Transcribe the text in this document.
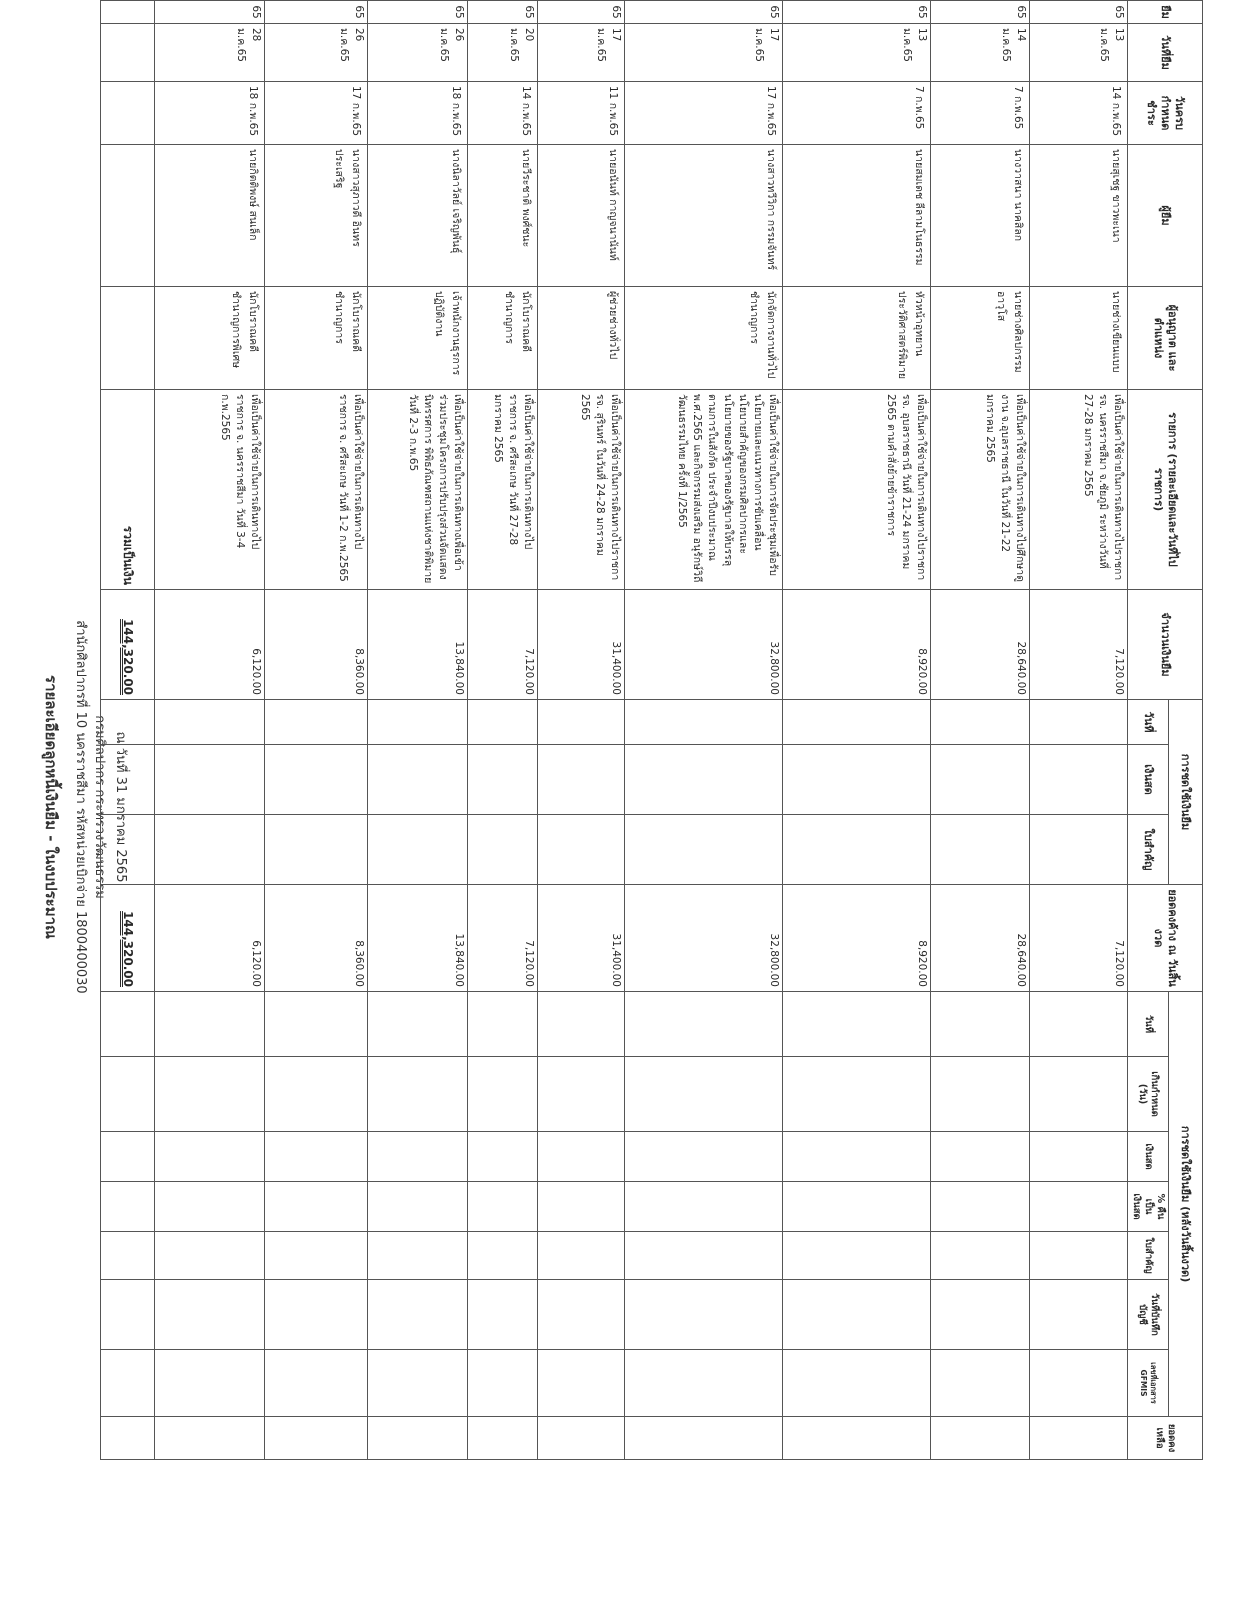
รายละเอียดลูกหนี้เงินยืม - ในงบประมาณ สำนักศิลปากรที่ 10 นครราชสีมา รหัสหน่วยเบิกจ่าย 1800400030 กรมศิลปากร กระทรวงวัฒนธรรม ณ วันที่ 31 มกราคม 2565
ยืม	วันที่ยืม	วันครบ กำหนดชำระ	ผู้ยืม	ผู้อนุญาต และตำแหน่ง	รายการ (รายละเอียดและวันที่ไปราชการ)	จำนวนเงินยืม	การชดใช้เงินยืม			ยอดคงค้าง ณ วันสิ้นงวด	การชดใช้เงินยืม (หลังวันสิ้นงวด)							ยอดคงเหลือ
							วันที่	เงินสด	ใบสำคัญ		วันที่	เกินกำหนด (วัน)	เงินสด	% คืนเป็นเงินสด	ใบสำคัญ	วันที่บันทึกบัญชี	เลขที่เอกสาร GFMIS	
65	13 ม.ค.65	14 ก.พ.65	นายสุเชฐ ขาวพะเนา	นายช่างเขียนแบบ	เพื่อเป็นค่าใช้จ่ายในการเดินทางไปราชการจ. นครราชสีมา จ.ชัยภูมิ ระหว่างวันที่ 27-28 มกราคม 2565	7,120.00				7,120.00								
65	14 ม.ค.65	7 ก.พ.65	นางวาสนา นาคสิลก	นายช่างศิลปกรรมอาวุโส	เพื่อเป็นค่าใช้จ่ายในการเดินทางไปศึกษาดูงาน จ.อุบลราชธานี ในวันที่ 21-22 มกราคม 2565	28,640.00				28,640.00								
65	13 ม.ค.65	7 ก.พ.65	นายสมเดช ลีลามโนธรรม	หัวหน้าอุทยานประวัติศาสตร์พิมาย	เพื่อเป็นค่าใช้จ่ายในการเดินทางไปราชการจ. อุบลราชธานี วันที่ 21-24 มกราคม 2565 ตามคำสั่งย้ายข้าราชการ	8,920.00				8,920.00								
65	17 ม.ค.65	17 ก.พ.65	นางสาวทวีวิกา กรรมจันทร์	นักจัดการงานทั่วไปชำนาญการ	เพื่อเป็นค่าใช้จ่ายในการจัดประชุมเพื่อรับนโยบายและแนวทางการขับเคลื่อนนโยบายสำคัญของกรมศิลปากรและนโยบายของรัฐบาลของรัฐบาลให้บรรลุตามการในสังกัด ประจำปีงบประมาณ พ.ศ.2565 และกิจกรรมส่งเสริม อนุรักษ์วิถีวัฒนธรรมไทย ครั้งที่ 1/2565	32,800.00				32,800.00								
65	17 ม.ค.65	11 ก.พ.65	นายอนันท์ กาญจนานันท์	ผู้ช่วยช่างทั่วไป	เพื่อเป็นค่าใช้จ่ายในการเดินทางไปราชการจ. สุรินทร์ ในวันที่ 24-28 มกราคม 2565	31,400.00				31,400.00								
65	20 ม.ค.65	14 ก.พ.65	นายวีระชาติ พงศ์ชนะ	นักโบราณคดีชำนาญการ	เพื่อเป็นค่าใช้จ่ายในการเดินทางไปราชการ จ. ศรีสะเกษ วันที่ 27-28 มกราคม 2565	7,120.00				7,120.00								
65	26 ม.ค.65	18 ก.พ.65	นางนิลาวัลย์ เจริญพันธุ์	เจ้าพนักงานธุรการปฏิบัติงาน	เพื่อเป็นค่าใช้จ่ายในการเดินทางเพื่อเข้าร่วมประชุมโครงการปรับปรุงส่วนจัดแสดงนิทรรศการ พิพิธภัณฑสถานแห่งชาติพิมาย วันที่ 2-3 ก.พ.65	13,840.00				13,840.00								
65	26 ม.ค.65	17 ก.พ.65	นางสาวสุภาวดี อินทรประเสริฐ	นักโบราณคดีชำนาญการ	เพื่อเป็นค่าใช้จ่ายในการเดินทางไปราชการ จ. ศรีสะเกษ วันที่ 1-2 ก.พ.2565	8,360.00				8,360.00								
65	28 ม.ค.65	18 ก.พ.65	นายกิตติพงษ์ สนเล็ก	นักโบราณคดีชำนาญการพิเศษ	เพื่อเป็นค่าใช้จ่ายในการเดินทางไปราชการ จ. นครราชสีมา วันที่ 3-4 ก.พ.2565	6,120.00				6,120.00								
					รวมเป็นเงิน	144,320.00				144,320.00								
